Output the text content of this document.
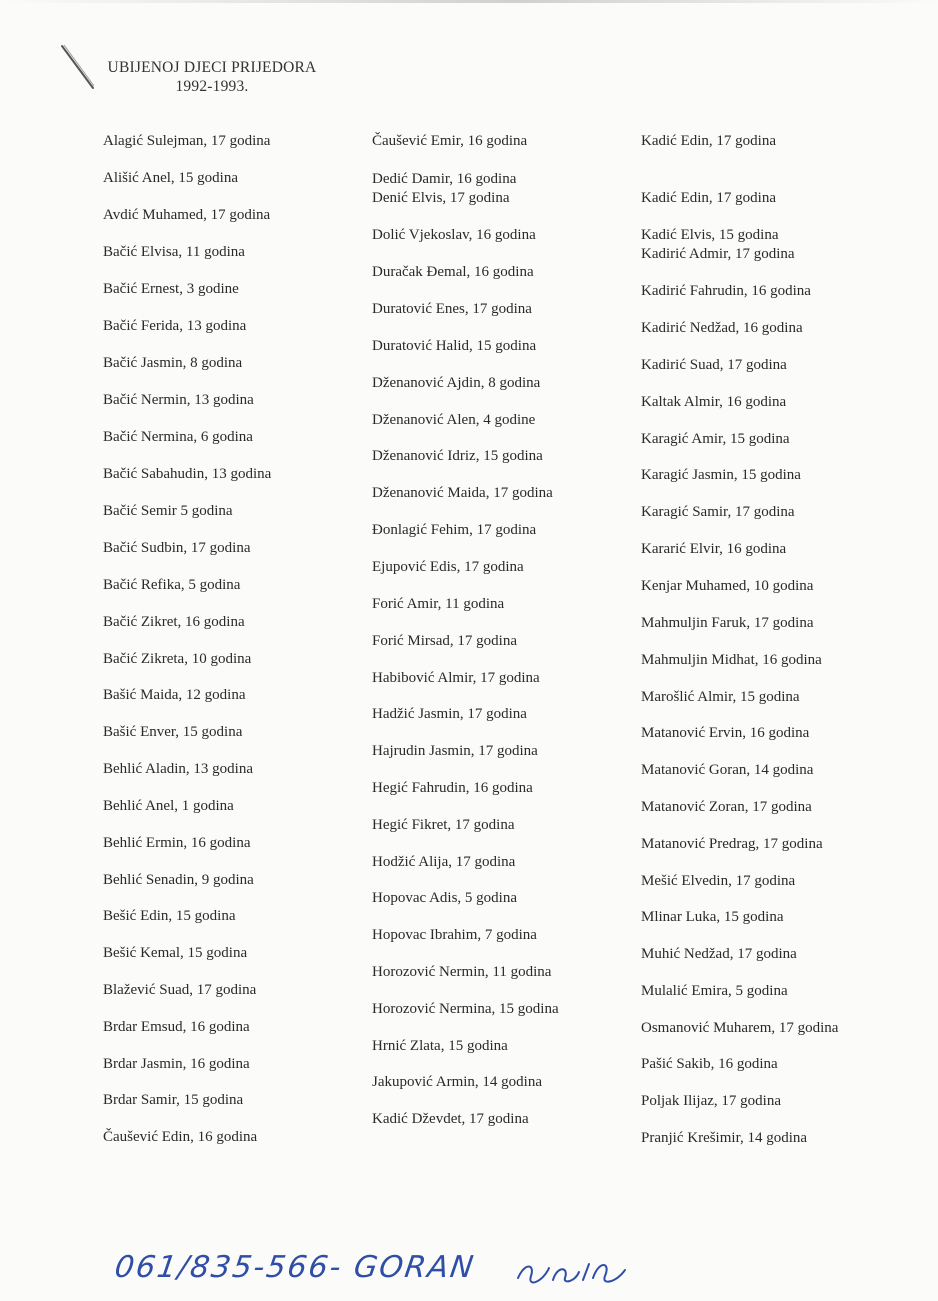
UBIJENOJ DJECI PRIJEDORA
1992-1993.
Alagić Sulejman, 17 godina
Ališić Anel, 15 godina
Avdić Muhamed, 17 godina
Bačić Elvisa, 11 godina
Bačić Ernest, 3 godine
Bačić Ferida, 13 godina
Bačić Jasmin, 8 godina
Bačić Nermin, 13 godina
Bačić Nermina, 6 godina
Bačić Sabahudin, 13 godina
Bačić Semir 5 godina
Bačić Sudbin, 17 godina
Bačić Refika, 5 godina
Bačić Zikret, 16 godina
Bačić Zikreta, 10 godina
Bašić Maida, 12 godina
Bašić Enver, 15 godina
Behlić Aladin, 13 godina
Behlić Anel, 1 godina
Behlić Ermin, 16 godina
Behlić Senadin, 9 godina
Bešić Edin, 15 godina
Bešić Kemal, 15 godina
Blažević Suad, 17 godina
Brdar Emsud, 16 godina
Brdar Jasmin, 16 godina
Brdar Samir, 15 godina
Čaušević Edin, 16 godina
Čaušević Emir, 16 godina
Dedić Damir, 16 godina
Denić Elvis, 17 godina
Dolić Vjekoslav, 16 godina
Duračak Đemal, 16 godina
Duratović Enes, 17 godina
Duratović Halid, 15 godina
Dženanović Ajdin, 8 godina
Dženanović Alen, 4 godine
Dženanović Idriz, 15 godina
Dženanović Maida, 17 godina
Đonlagić Fehim, 17 godina
Ejupović Edis, 17 godina
Forić Amir, 11 godina
Forić Mirsad, 17 godina
Habibović Almir, 17 godina
Hadžić Jasmin, 17 godina
Hajrudin Jasmin, 17 godina
Hegić Fahrudin, 16 godina
Hegić Fikret, 17 godina
Hodžić Alija, 17 godina
Hopovac Adis, 5 godina
Hopovac Ibrahim, 7 godina
Horozović Nermin, 11 godina
Horozović Nermina, 15 godina
Hrnić Zlata, 15 godina
Jakupović Armin, 14 godina
Kadić Dževdet, 17 godina
Kadić Edin, 17 godina
Kadić Edin, 17 godina
Kadić Elvis, 15 godina
Kadirić Admir, 17 godina
Kadirić Fahrudin, 16 godina
Kadirić Nedžad, 16 godina
Kadirić Suad, 17 godina
Kaltak Almir, 16 godina
Karagić Amir, 15 godina
Karagić Jasmin, 15 godina
Karagić Samir, 17 godina
Kararić Elvir, 16 godina
Kenjar Muhamed, 10 godina
Mahmuljin Faruk, 17 godina
Mahmuljin Midhat, 16 godina
Marošlić Almir, 15 godina
Matanović Ervin, 16 godina
Matanović Goran, 14 godina
Matanović Zoran, 17 godina
Matanović Predrag, 17 godina
Mešić Elvedin, 17 godina
Mlinar Luka, 15 godina
Muhić Nedžad, 17 godina
Mulalić Emira, 5 godina
Osmanović Muharem, 17 godina
Pašić Sakib, 16 godina
Poljak Ilijaz, 17 godina
Pranjić Krešimir, 14 godina
061/835-566- GORAN
